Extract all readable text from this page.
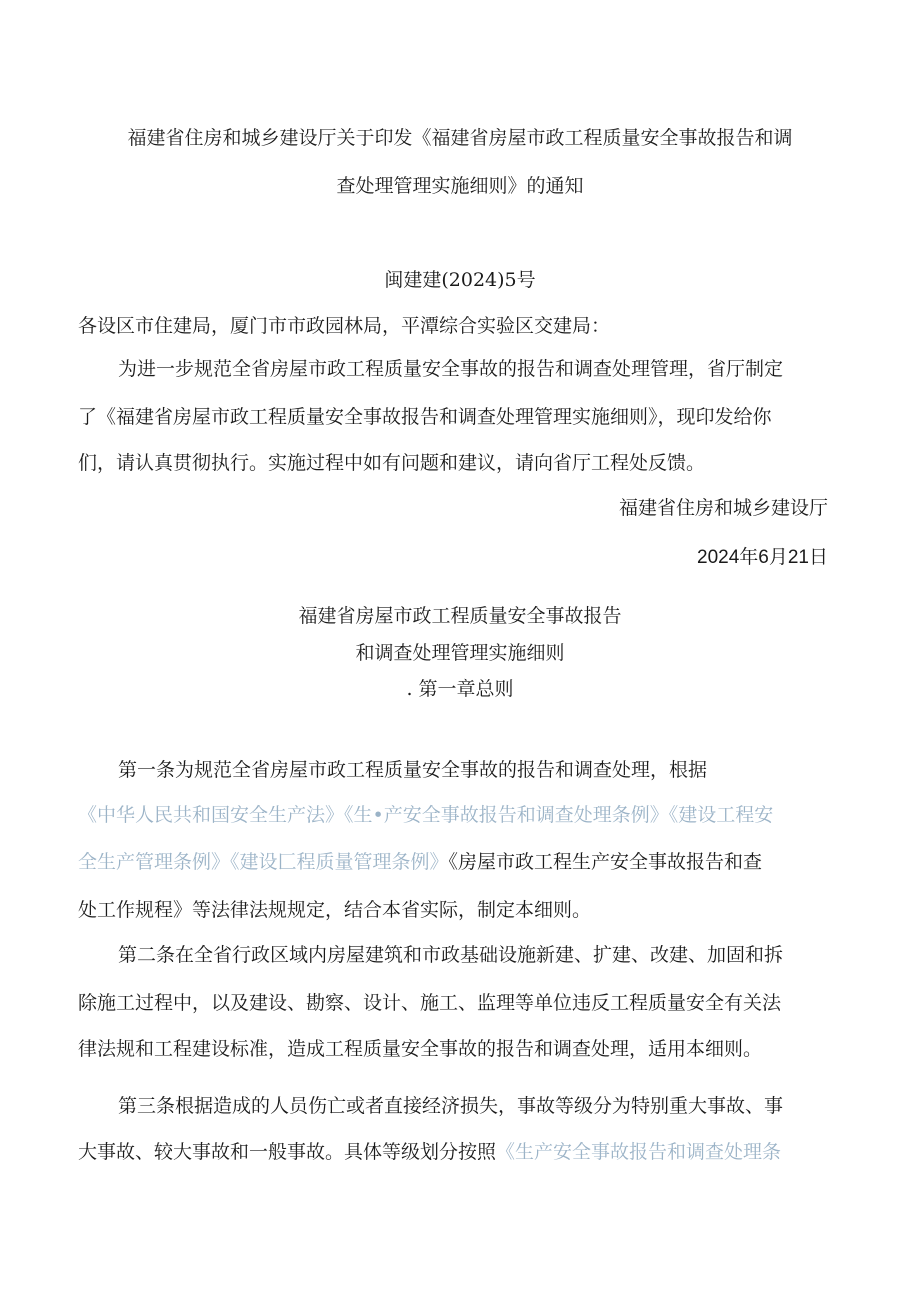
福建省住房和城乡建设厅关于印发《福建省房屋市政工程质量安全事故报告和调
查处理管理实施细则》的通知
闽建建(2024)5号
各设区市住建局，厦门市市政园林局，平潭综合实验区交建局：
为进一步规范全省房屋市政工程质量安全事故的报告和调查处理管理，省厅制定
了《福建省房屋市政工程质量安全事故报告和调查处理管理实施细则》，现印发给你
们，请认真贯彻执行。实施过程中如有问题和建议，请向省厅工程处反馈。
福建省住房和城乡建设厅
2024年6月21日
福建省房屋市政工程质量安全事故报告
和调查处理管理实施细则
. 第一章总则
第一条为规范全省房屋市政工程质量安全事故的报告和调查处理，根据
《中华人民共和国安全生产法》《生•产安全事故报告和调查处理条例》《建设工程安
全生产管理条例》《建设匚程质量管理条例》《房屋市政工程生产安全事故报告和查
处工作规程》等法律法规规定，结合本省实际，制定本细则。
第二条在全省行政区域内房屋建筑和市政基础设施新建、扩建、改建、加固和拆
除施工过程中，以及建设、勘察、设计、施工、监理等单位违反工程质量安全有关法
律法规和工程建设标准，造成工程质量安全事故的报告和调查处理，适用本细则。
第三条根据造成的人员伤亡或者直接经济损失，事故等级分为特别重大事故、事
大事故、较大事故和一般事故。具体等级划分按照《生产安全事故报告和调查处理条
